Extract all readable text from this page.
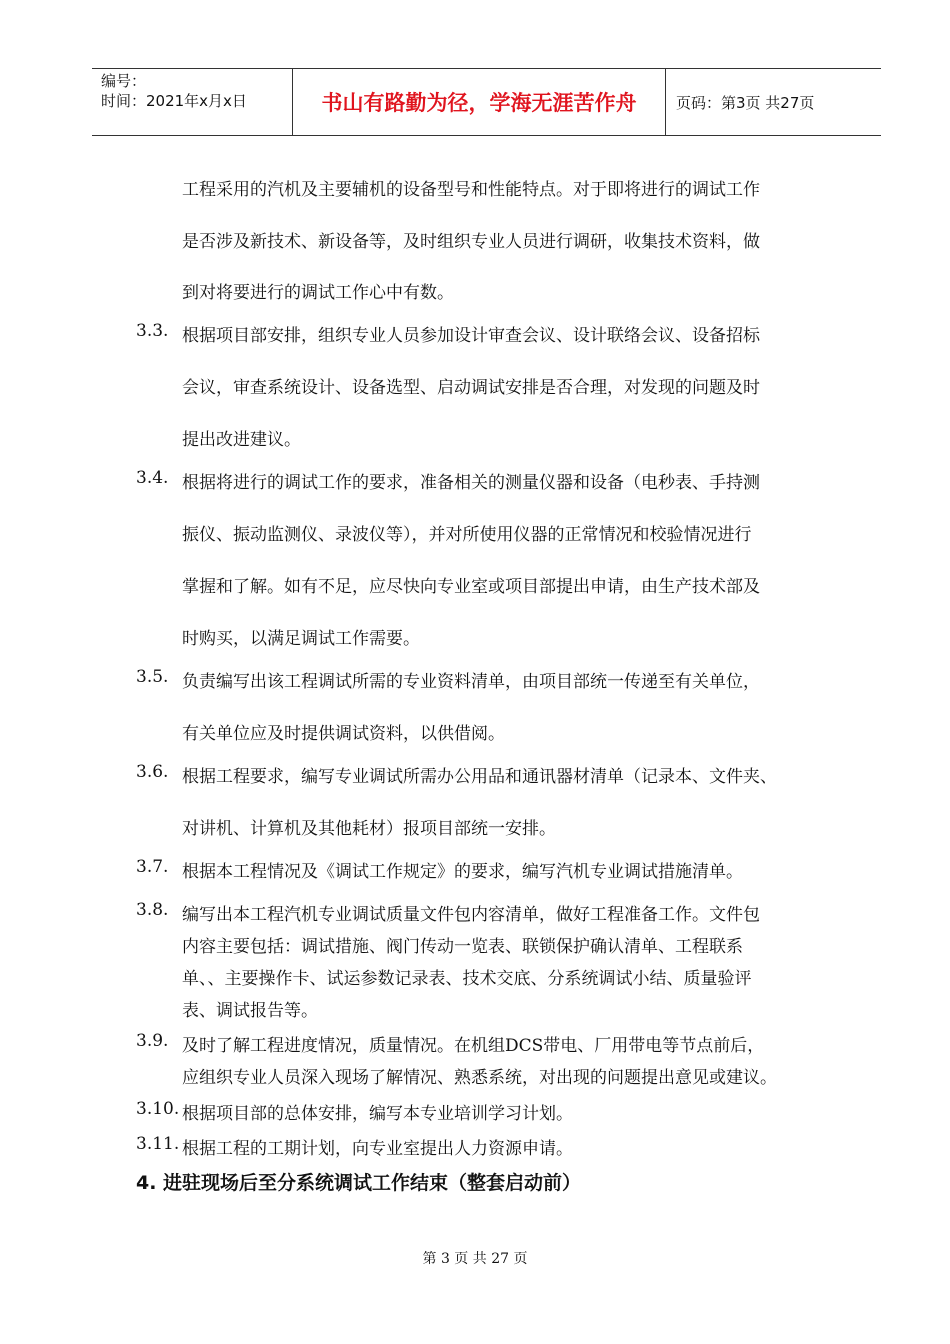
编号：
时间：2021年x月x日	书山有路勤为径，学海无涯苦作舟	页码：第3页 共27页
工程采用的汽机及主要辅机的设备型号和性能特点。对于即将进行的调试工作
是否涉及新技术、新设备等，及时组织专业人员进行调研，收集技术资料，做
到对将要进行的调试工作心中有数。
3.3. 根据项目部安排，组织专业人员参加设计审查会议、设计联络会议、设备招标
会议，审查系统设计、设备选型、启动调试安排是否合理，对发现的问题及时
提出改进建议。
3.4. 根据将进行的调试工作的要求，准备相关的测量仪器和设备（电秒表、手持测
振仪、振动监测仪、录波仪等），并对所使用仪器的正常情况和校验情况进行
掌握和了解。如有不足，应尽快向专业室或项目部提出申请，由生产技术部及
时购买，以满足调试工作需要。
3.5. 负责编写出该工程调试所需的专业资料清单，由项目部统一传递至有关单位，
有关单位应及时提供调试资料，以供借阅。
3.6. 根据工程要求，编写专业调试所需办公用品和通讯器材清单（记录本、文件夹、
对讲机、计算机及其他耗材）报项目部统一安排。
3.7. 根据本工程情况及《调试工作规定》的要求，编写汽机专业调试措施清单。
3.8. 编写出本工程汽机专业调试质量文件包内容清单，做好工程准备工作。文件包
内容主要包括：调试措施、阀门传动一览表、联锁保护确认清单、工程联系
单、、主要操作卡、试运参数记录表、技术交底、分系统调试小结、质量验评
表、调试报告等。
3.9. 及时了解工程进度情况，质量情况。在机组DCS带电、厂用带电等节点前后，
应组织专业人员深入现场了解情况、熟悉系统，对出现的问题提出意见或建议。
3.10. 根据项目部的总体安排，编写本专业培训学习计划。
3.11. 根据工程的工期计划，向专业室提出人力资源申请。
4. 进驻现场后至分系统调试工作结束（整套启动前）
第 3 页 共 27 页
